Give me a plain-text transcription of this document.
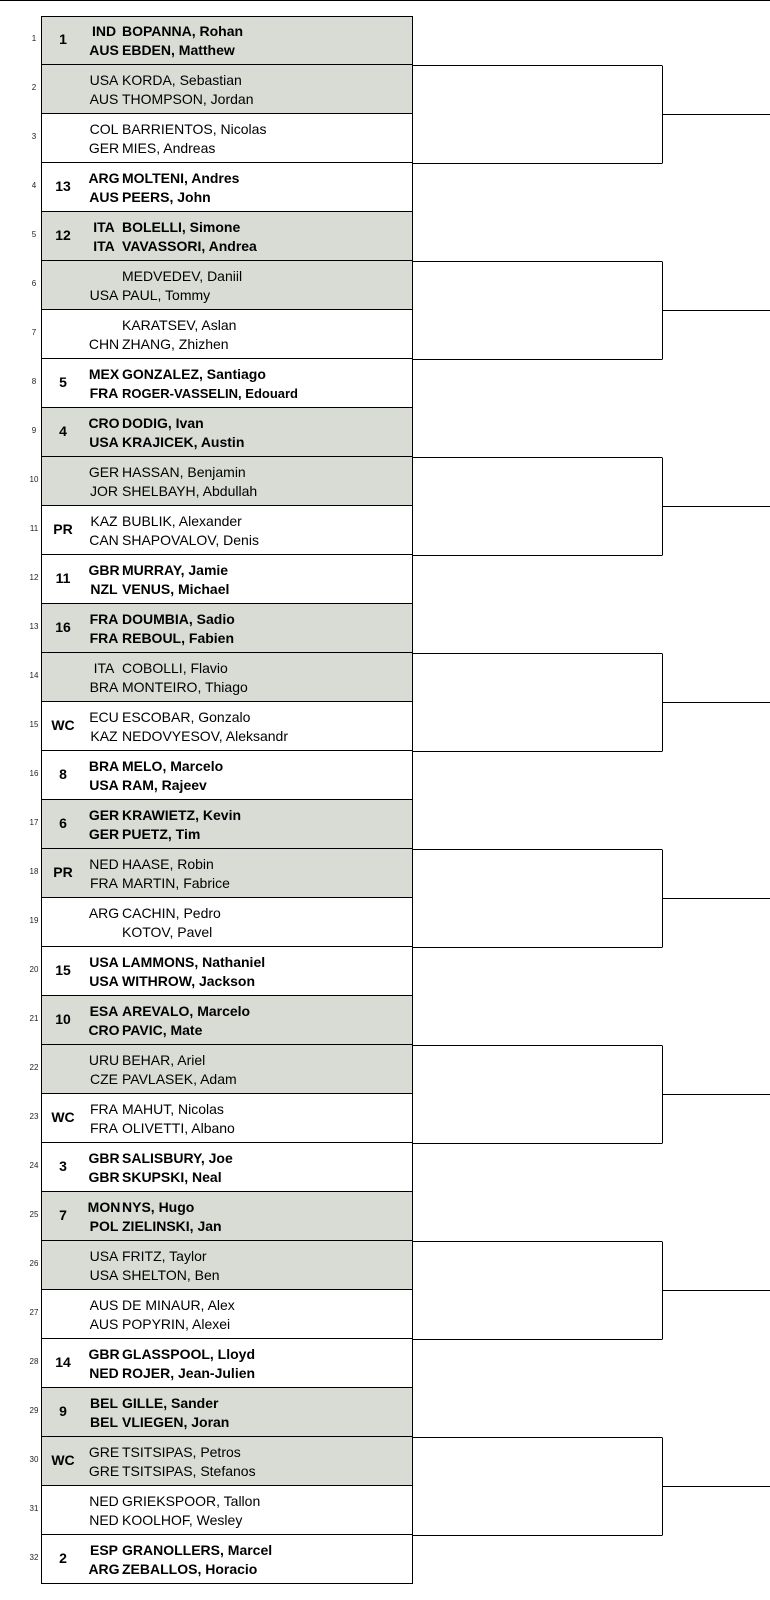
1	1	IND BOPANNA, Rohan
AUS EBDEN, Matthew
2	USA KORDA, Sebastian
AUS THOMPSON, Jordan
3	COL BARRIENTOS, Nicolas
GER MIES, Andreas
4	13	ARG MOLTENI, Andres
AUS PEERS, John
5	12	ITA BOLELLI, Simone
ITA VAVASSORI, Andrea
6	MEDVEDEV, Daniil
USA PAUL, Tommy
7	KARATSEV, Aslan
CHN ZHANG, Zhizhen
8	5	MEX GONZALEZ, Santiago
FRA ROGER-VASSELIN, Edouard
9	4	CRO DODIG, Ivan
USA KRAJICEK, Austin
10	GER HASSAN, Benjamin
JOR SHELBAYH, Abdullah
11	PR	KAZ BUBLIK, Alexander
CAN SHAPOVALOV, Denis
12	11	GBR MURRAY, Jamie
NZL VENUS, Michael
13	16	FRA DOUMBIA, Sadio
FRA REBOUL, Fabien
14	ITA COBOLLI, Flavio
BRA MONTEIRO, Thiago
15 WC	ECU ESCOBAR, Gonzalo
KAZ NEDOVYESOV, Aleksandr
16	8	BRA MELO, Marcelo
USA RAM, Rajeev
17	6	GER KRAWIETZ, Kevin
GER PUETZ, Tim
18	PR	NED HAASE, Robin
FRA MARTIN, Fabrice
19	ARG CACHIN, Pedro
KOTOV, Pavel
20	15	USA LAMMONS, Nathaniel
USA WITHROW, Jackson
21	10	ESA AREVALO, Marcelo
CRO PAVIC, Mate
22	URU BEHAR, Ariel
CZE PAVLASEK, Adam
23 WC	FRA MAHUT, Nicolas
FRA OLIVETTI, Albano
24	3	GBR SALISBURY, Joe
GBR SKUPSKI, Neal
25	7	MON NYS, Hugo
POL ZIELINSKI, Jan
26	USA FRITZ, Taylor
USA SHELTON, Ben
27	AUS DE MINAUR, Alex
AUS POPYRIN, Alexei
28	14	GBR GLASSPOOL, Lloyd
NED ROJER, Jean-Julien
29	9	BEL GILLE, Sander
BEL VLIEGEN, Joran
30 WC	GRE TSITSIPAS, Petros
GRE TSITSIPAS, Stefanos
31	NED GRIEKSPOOR, Tallon
NED KOOLHOF, Wesley
32	2	ESP GRANOLLERS, Marcel
ARG ZEBALLOS, Horacio
